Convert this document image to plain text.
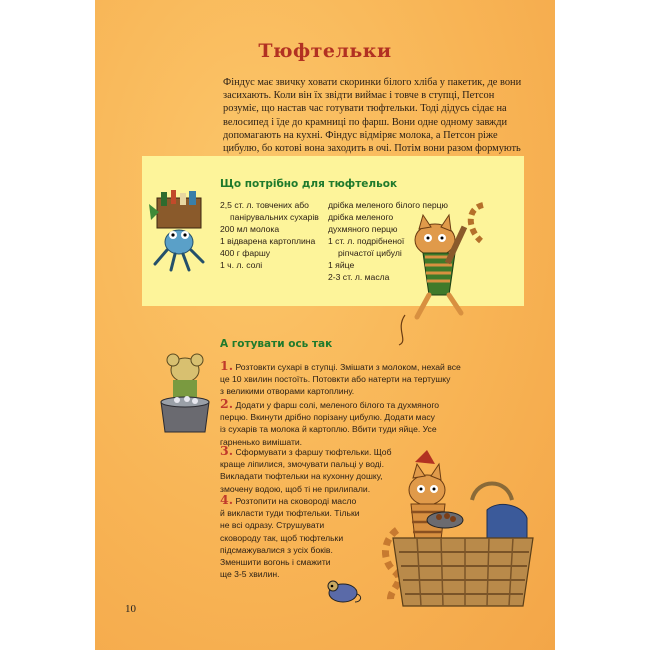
Тюфтельки

Фіндус має звичку ховати скоринки білого хліба у пакетик, де вони засихають. Коли він їх звідти виймає і товче в ступці, Петсон розуміє, що настав час готувати тюфтельки. Тоді дідусь сідає на велосипед і їде до крамниці по фарш. Вони одне одному завжди допомагають на кухні. Фіндус відміряє молока, а Петсон ріже цибулю, бо котові вона заходить в очі. Потім вони разом формують

Що потрібно для тюфтельок
2,5 ст. л. товчених або
панірувальних сухарів
200 мл молока
1 відварена картоплина
400 г фаршу
1 ч. л. солі
дрібка меленого білого перцю
дрібка меленого
духмяного перцю
1 ст. л. подрібненої
ріпчастої цибулі
1 яйце
2-3 ст. л. масла
А готувати ось так
1. Розтовкти сухарі в ступці. Змішати з молоком, нехай все
це 10 хвилин постоїть. Потовкти або натерти на тертушку
з великими отворами картоплину.
2. Додати у фарш солі, меленого білого та духмяного
перцю. Вкинути дрібно порізану цибулю. Додати масу
із сухарів та молока й картоплю. Вбити туди яйце. Усе
гарненько вимішати.
3. Сформувати з фаршу тюфтельки. Щоб
краще ліпилися, змочувати пальці у воді.
Викладати тюфтельки на кухонну дошку,
змочену водою, щоб ті не прилипали.
4. Розтопити на сковороді масло
й викласти туди тюфтельки. Тільки
не всі одразу. Струшувати
сковороду так, щоб тюфтельки
підсмажувалися з усіх боків.
Зменшити вогонь і смажити
ще 3-5 хвилин.
10
